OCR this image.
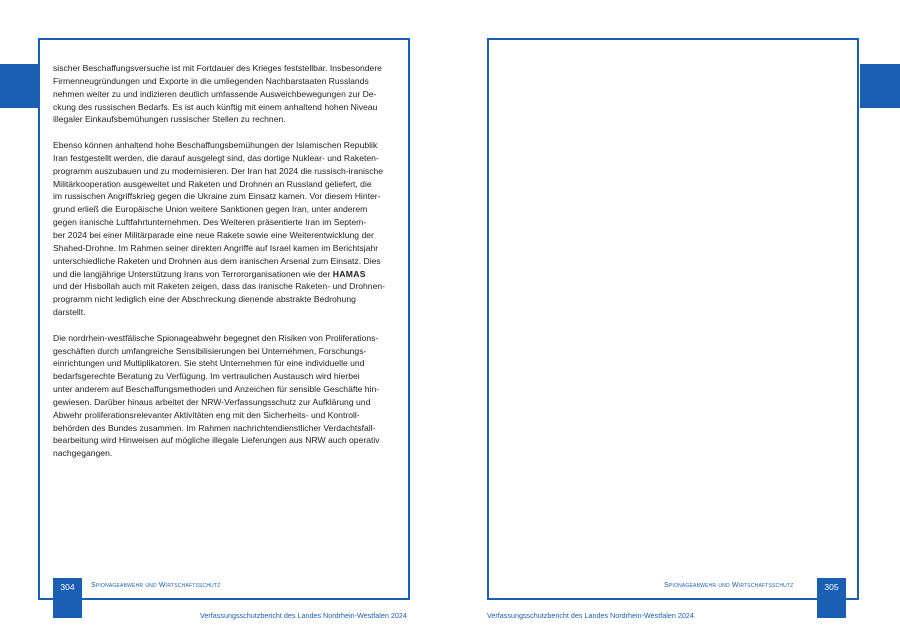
sischer Beschaffungsversuche ist mit Fortdauer des Krieges feststellbar. Insbesondere
Firmenneugründungen und Exporte in die umliegenden Nachbarstaaten Russlands
nehmen weiter zu und indizieren deutlich umfassende Ausweichbewegungen zur De-
ckung des russischen Bedarfs. Es ist auch künftig mit einem anhaltend hohen Niveau
illegaler Einkaufsbemühungen russischer Stellen zu rechnen.

Ebenso können anhaltend hohe Beschaffungsbemühungen der Islamischen Republik
Iran festgestellt werden, die darauf ausgelegt sind, das dortige Nuklear- und Raketen-
programm auszubauen und zu modernisieren. Der Iran hat 2024 die russisch-iranische
Militärkooperation ausgeweitet und Raketen und Drohnen an Russland geliefert, die
im russischen Angriffskrieg gegen die Ukraine zum Einsatz kamen. Vor diesem Hinter-
grund erließ die Europäische Union weitere Sanktionen gegen Iran, unter anderem
gegen iranische Luftfahrtunternehmen. Des Weiteren präsentierte Iran im Septem-
ber 2024 bei einer Militärparade eine neue Rakete sowie eine Weiterentwicklung der
Shahed-Drohne. Im Rahmen seiner direkten Angriffe auf Israel kamen im Berichtsjahr
unterschiedliche Raketen und Drohnen aus dem iranischen Arsenal zum Einsatz. Dies
und die langjährige Unterstützung Irans von Terrororganisationen wie der HAMAS
und der Hisbollah auch mit Raketen zeigen, dass das iranische Raketen- und Drohnen-
programm nicht lediglich eine der Abschreckung dienende abstrakte Bedrohung
darstellt.

Die nordrhein-westfälische Spionageabwehr begegnet den Risiken von Proliferations-
geschäften durch umfangreiche Sensibilisierungen bei Unternehmen, Forschungs-
einrichtungen und Multiplikatoren. Sie steht Unternehmen für eine individuelle und
bedarfsgerechte Beratung zu Verfügung. Im vertraulichen Austausch wird hierbei
unter anderem auf Beschaffungsmethoden und Anzeichen für sensible Geschäfte hin-
gewiesen. Darüber hinaus arbeitet der NRW-Verfassungsschutz zur Aufklärung und
Abwehr proliferationsrelevanter Aktivitäten eng mit den Sicherheits- und Kontroll-
behörden des Bundes zusammen. Im Rahmen nachrichtendienstlicher Verdachtsfall-
bearbeitung wird Hinweisen auf mögliche illegale Lieferungen aus NRW auch operativ
nachgegangen.

304	Spionageabwehr und Wirtschaftsschutz	305
Spionageabwehr und Wirtschaftsschutz
Verfassungsschutzbericht des Landes Nordrhein-Westfalen 2024	Verfassungsschutzbericht des Landes Nordrhein-Westfalen 2024
